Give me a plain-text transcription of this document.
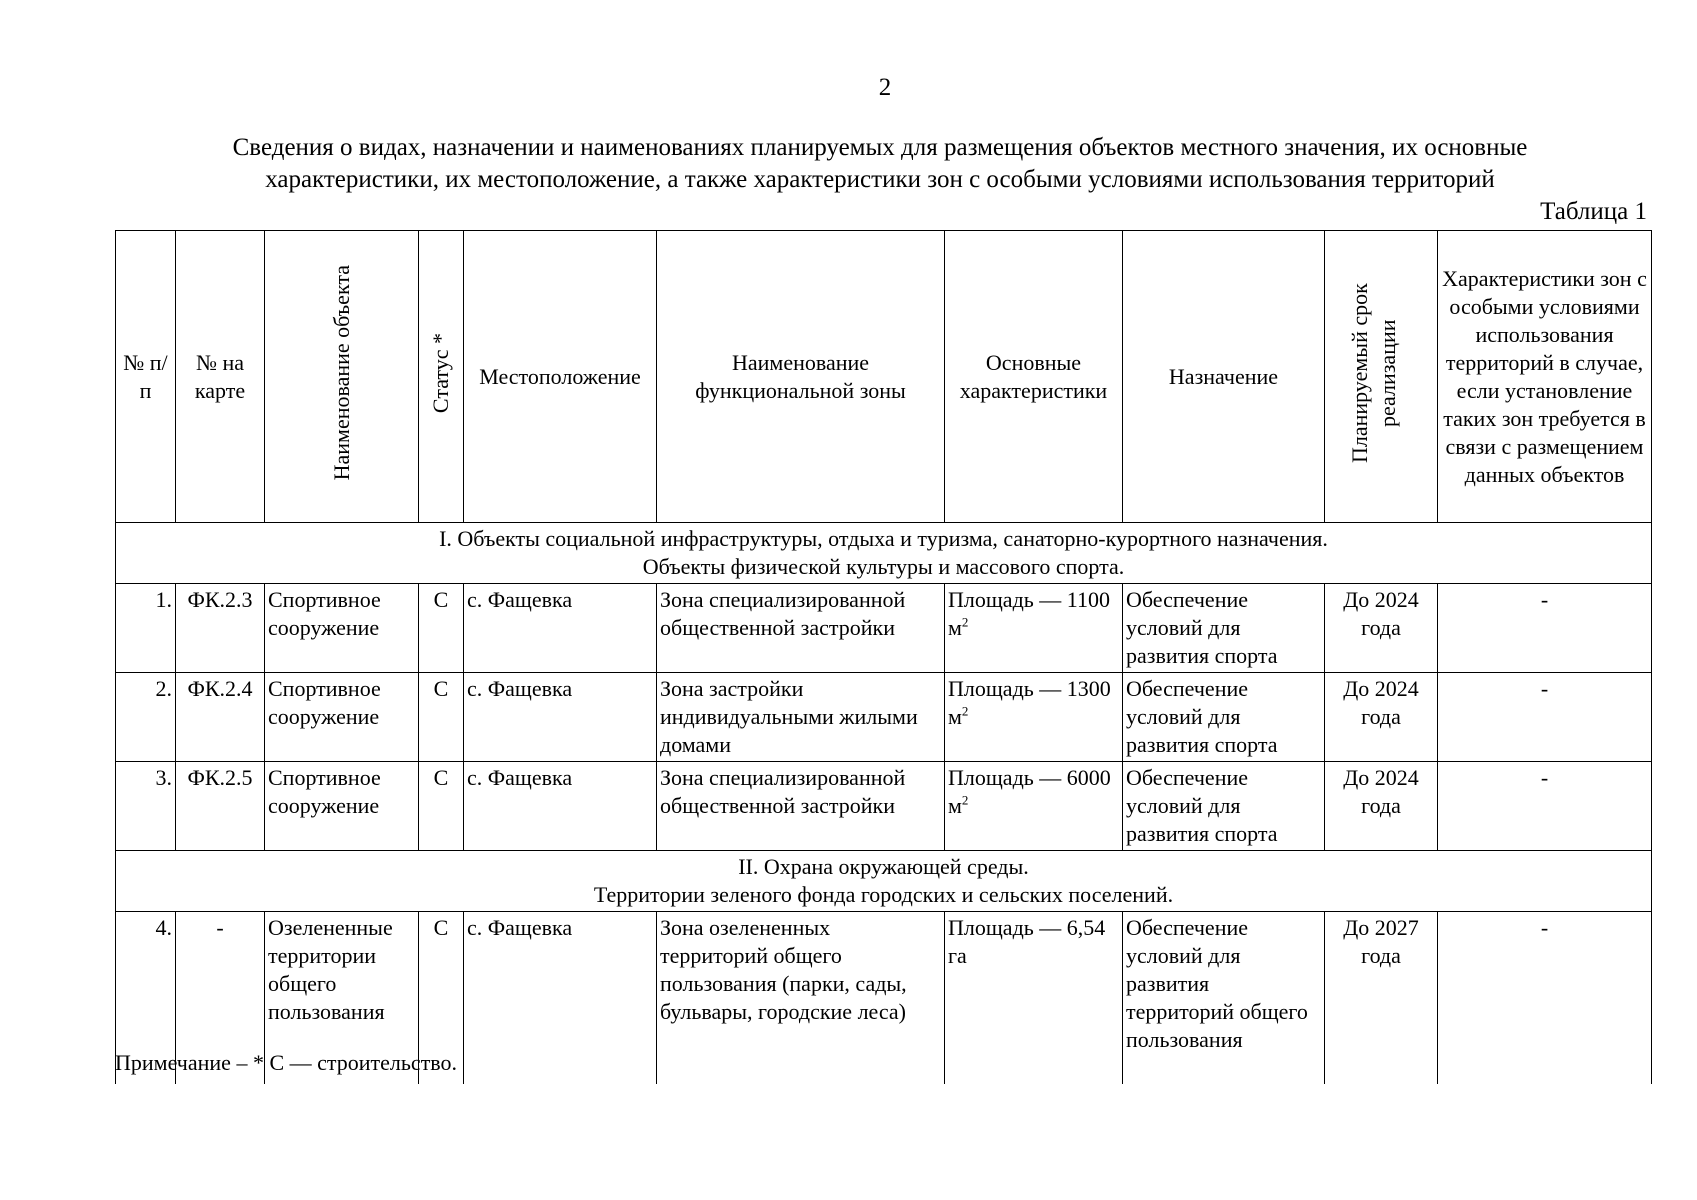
2
Сведения о видах, назначении и наименованиях планируемых для размещения объектов местного значения, их основные
характеристики, их местоположение, а также характеристики зон с особыми условиями использования территорий
Таблица 1
№ п/п	№ на карте	Наименование объекта	Статус *	Местоположение	Наименование функциональной зоны	Основные характеристики	Назначение	Планируемый срок реализации	Характеристики зон с особыми условиями использования территорий в случае, если установление таких зон требуется в связи с размещением данных объектов

I. Объекты социальной инфраструктуры, отдыха и туризма, санаторно-курортного назначения.
Объекты физической культуры и массового спорта.									

1.	ФК.2.3	Спортивное сооружение	С	с. Фащевка	Зона специализированной общественной застройки	Площадь — 1100 $м^2$	Обеспечение условий для развития спорта	До 2024 года	-
2.	ФК.2.4	Спортивное сооружение	С	с. Фащевка	Зона застройки индивидуальными жилыми домами	Площадь — 1300 $м^2$	Обеспечение условий для развития спорта	До 2024 года	-
3.	ФК.2.5	Спортивное сооружение	С	с. Фащевка	Зона специализированной общественной застройки	Площадь — 6000 $м^2$	Обеспечение условий для развития спорта	До 2024 года	-

II. Охрана окружающей среды.
Территории зеленого фонда городских и сельских поселений.									

4.	-	Озелененные территории общего пользования	С	с. Фащевка	Зона озелененных территорий общего пользования (парки, сады, бульвары, городские леса)	Площадь — 6,54 га	Обеспечение условий для развития территорий общего пользования	До 2027 года	-
Примечание – * С — строительство.
